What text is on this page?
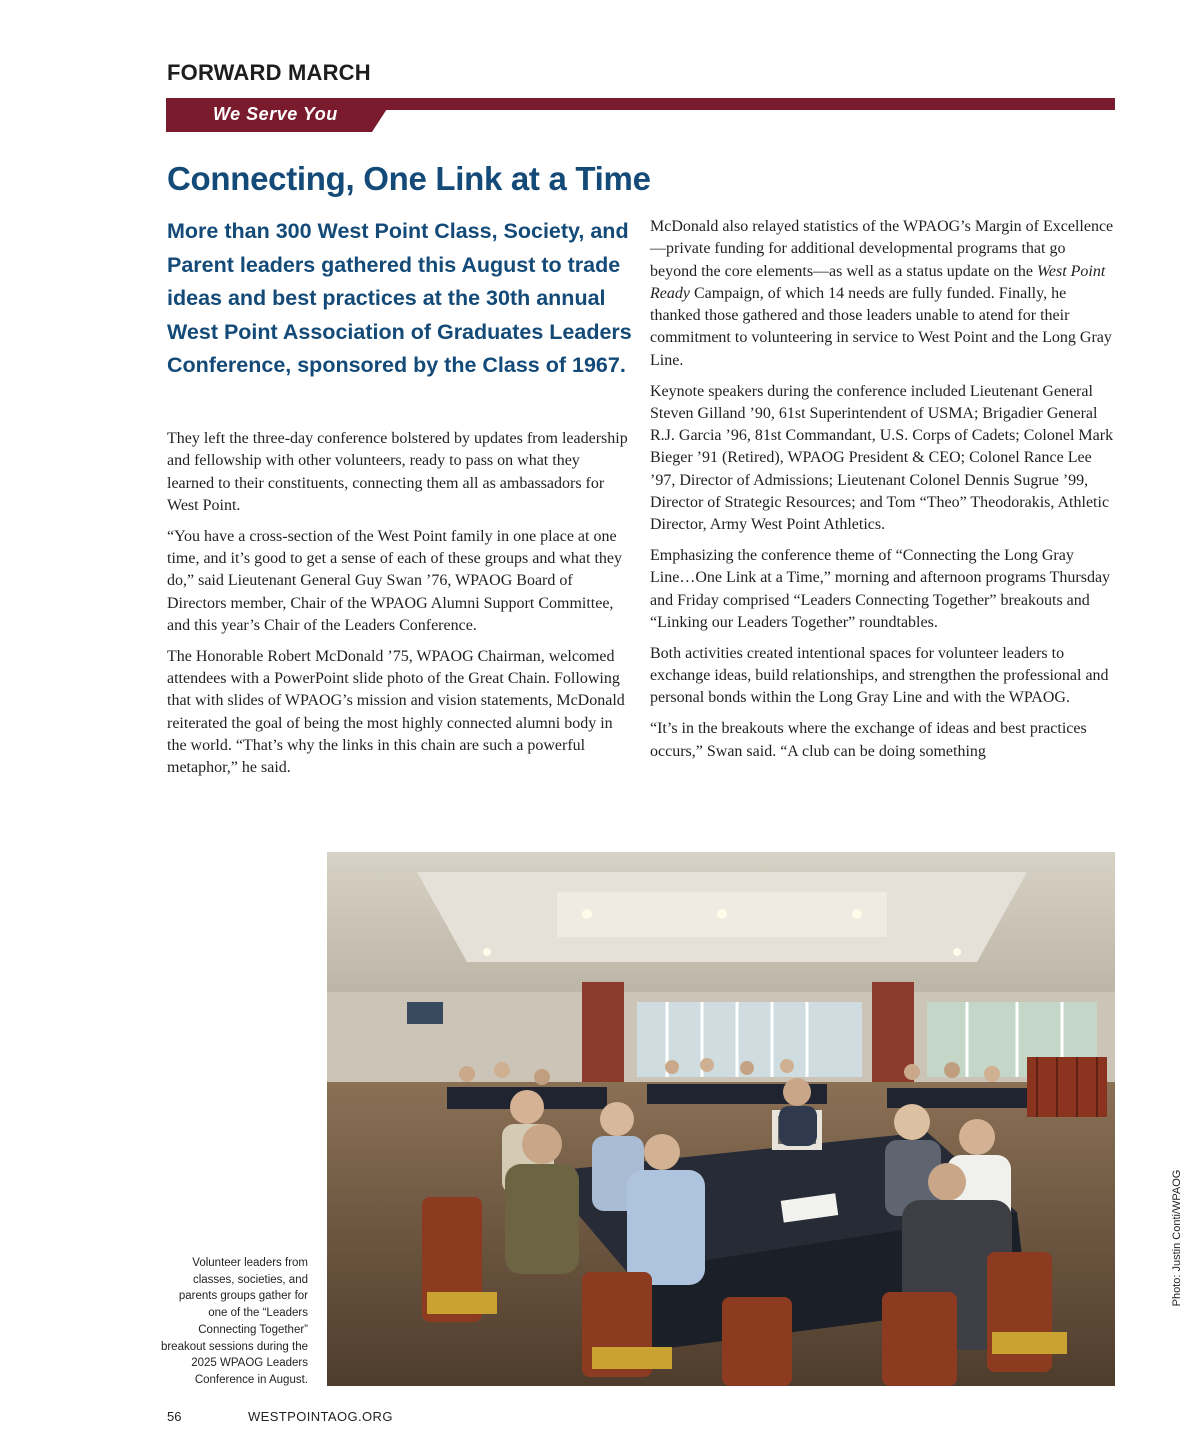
FORWARD MARCH
We Serve You
Connecting, One Link at a Time

More than 300 West Point Class, Society, and Parent leaders gathered this August to trade ideas and best practices at the 30th annual West Point Association of Graduates Leaders Conference, sponsored by the Class of 1967.

They left the three-day conference bolstered by updates from leadership and fellowship with other volunteers, ready to pass on what they learned to their constituents, connecting them all as ambassadors for West Point.

“You have a cross-section of the West Point family in one place at one time, and it’s good to get a sense of each of these groups and what they do,” said Lieutenant General Guy Swan ’76, WPAOG Board of Directors member, Chair of the WPAOG Alumni Support Committee, and this year’s Chair of the Leaders Conference.

The Honorable Robert McDonald ’75, WPAOG Chairman, welcomed attendees with a PowerPoint slide photo of the Great Chain. Following that with slides of WPAOG’s mission and vision statements, McDonald reiterated the goal of being the most highly connected alumni body in the world. “That’s why the links in this chain are such a powerful metaphor,” he said.

McDonald also relayed statistics of the WPAOG’s Margin of Excellence—private funding for additional developmental programs that go beyond the core elements—as well as a status update on the West Point Ready Campaign, of which 14 needs are fully funded. Finally, he thanked those gathered and those leaders unable to atend for their commitment to volunteering in service to West Point and the Long Gray Line.

Keynote speakers during the conference included Lieutenant General Steven Gilland ’90, 61st Superintendent of USMA; Brigadier General R.J. Garcia ’96, 81st Commandant, U.S. Corps of Cadets; Colonel Mark Bieger ’91 (Retired), WPAOG President & CEO; Colonel Rance Lee ’97, Director of Admissions; Lieutenant Colonel Dennis Sugrue ’99, Director of Strategic Resources; and Tom “Theo” Theodorakis, Athletic Director, Army West Point Athletics.

Emphasizing the conference theme of “Connecting the Long Gray Line…One Link at a Time,” morning and afternoon programs Thursday and Friday comprised “Leaders Connecting Together” breakouts and “Linking our Leaders Together” roundtables.

Both activities created intentional spaces for volunteer leaders to exchange ideas, build relationships, and strengthen the professional and personal bonds within the Long Gray Line and with the WPAOG.

“It’s in the breakouts where the exchange of ideas and best practices occurs,” Swan said. “A club can be doing something

Volunteer leaders from classes, societies, and parents groups gather for one of the “Leaders Connecting Together” breakout sessions during the 2025 WPAOG Leaders Conference in August.

Photo: Justin Conti/WPAOG
56	WESTPOINTAOG.ORG
